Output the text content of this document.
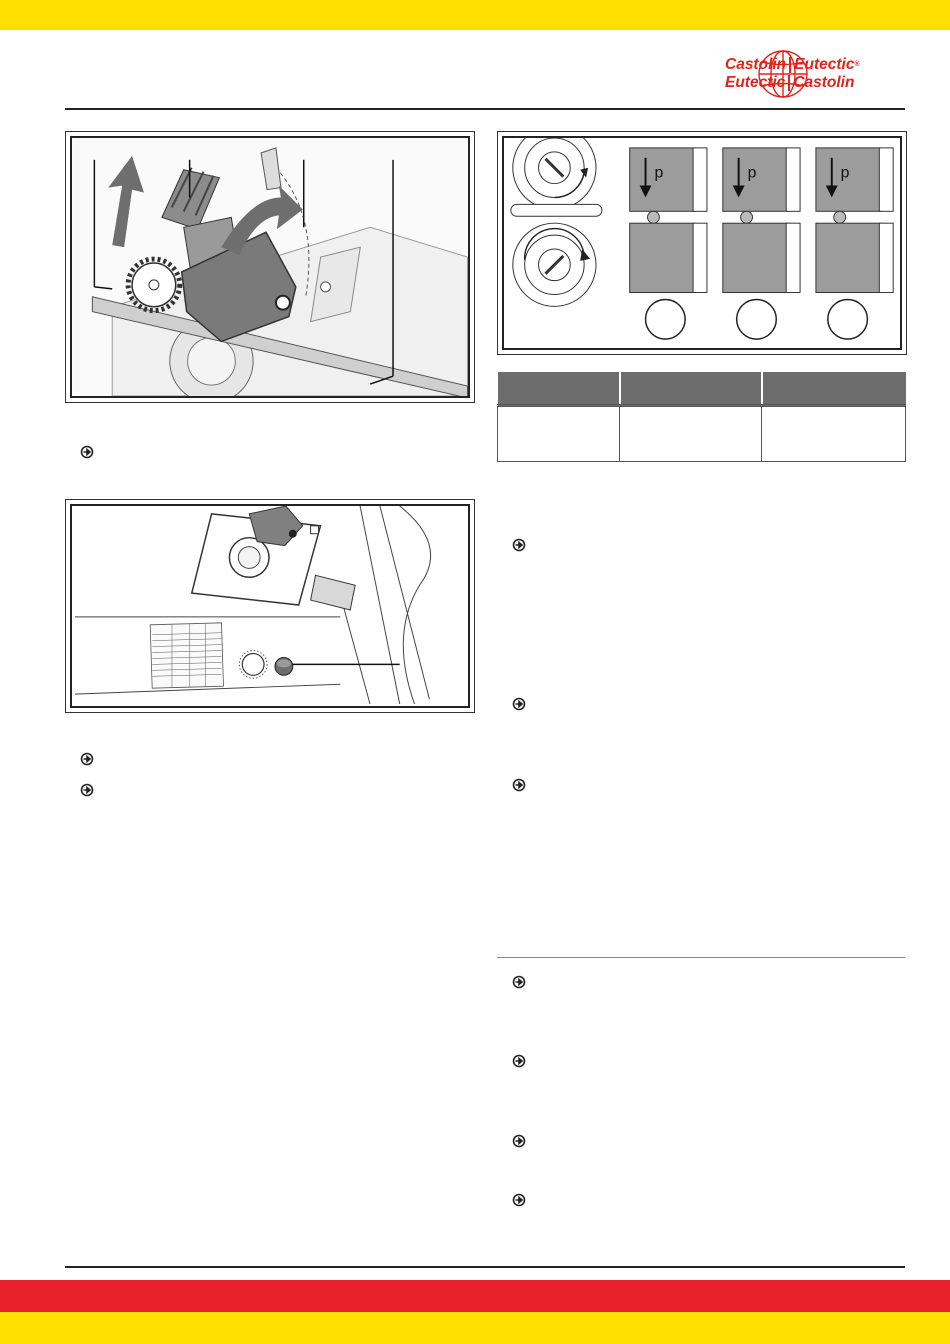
Castolin Eutectic®
Eutectic Castolin
p	p	p
